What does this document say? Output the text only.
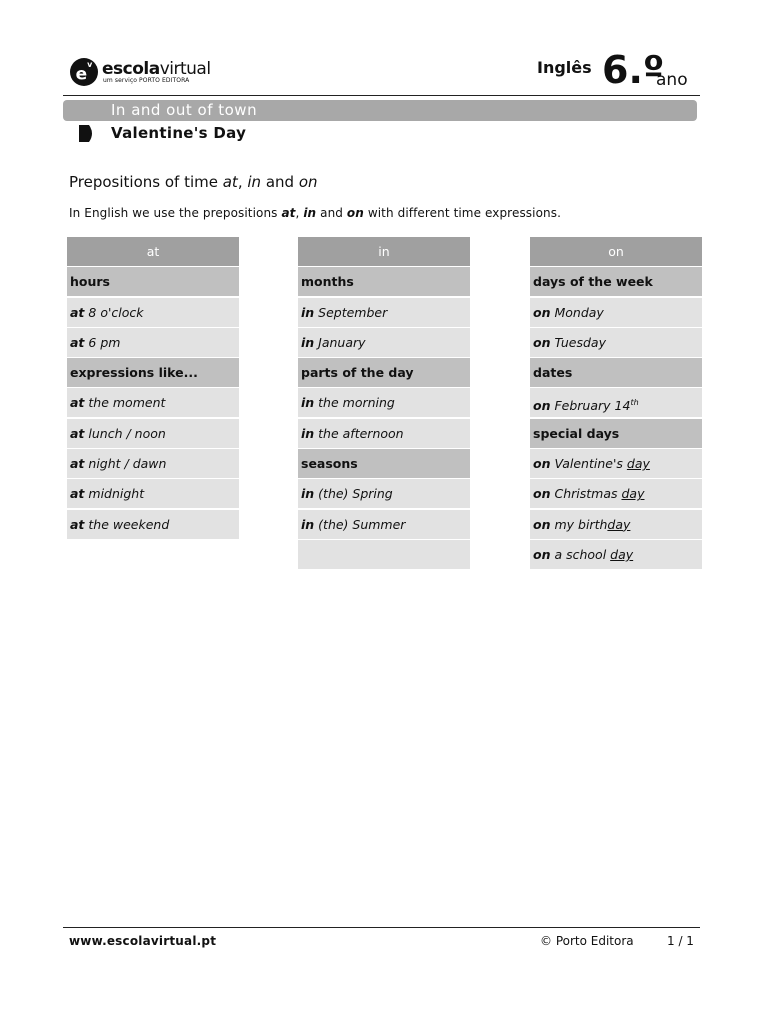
$e^v$ escolavirtual
um serviço PORTO EDITORA
Inglês 6.º
ano
In and out of town
Valentine's Day
Prepositions of time at, in and on
In English we use the prepositions at, in and on with different time expressions.
at
hours
at 8 o'clock
at 6 pm
expressions like...
at the moment
at lunch / noon
at night / dawn
at midnight
at the weekend
in
months
in September
in January
parts of the day
in the morning
in the afternoon
seasons
in (the) Spring
in (the) Summer
on
days of the week
on Monday
on Tuesday
dates
on February 14th
special days
on Valentine's day
on Christmas day
on my birthday
on a school day
www.escolavirtual.pt	© Porto Editora	1 / 1
